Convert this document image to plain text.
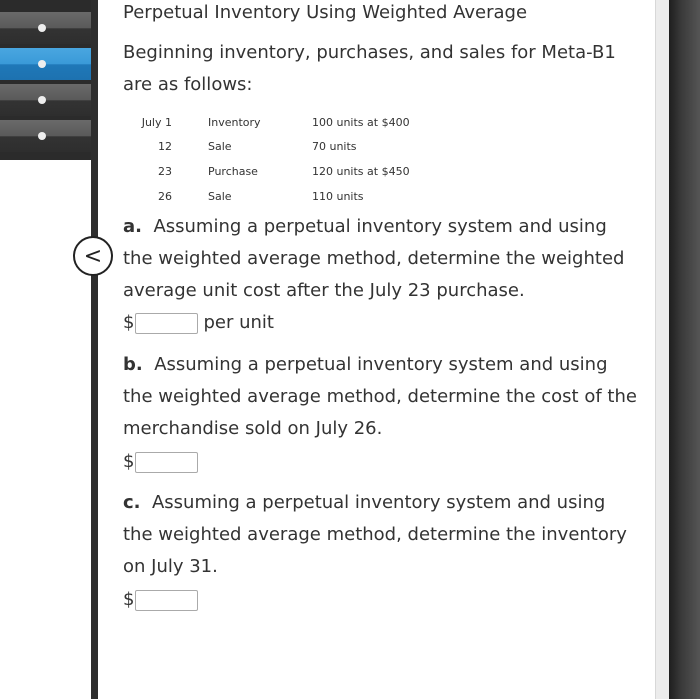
<
Perpetual Inventory Using Weighted Average
Beginning inventory, purchases, and sales for Meta-B1
are as follows:
July 1	Inventory	100 units at $400
12	Sale	70 units
23	Purchase	120 units at $450
26	Sale	110 units
a. Assuming a perpetual inventory system and using
the weighted average method, determine the weighted
average unit cost after the July 23 purchase.
$	per unit
b. Assuming a perpetual inventory system and using
the weighted average method, determine the cost of the
merchandise sold on July 26.
$
c. Assuming a perpetual inventory system and using
the weighted average method, determine the inventory
on July 31.
$
